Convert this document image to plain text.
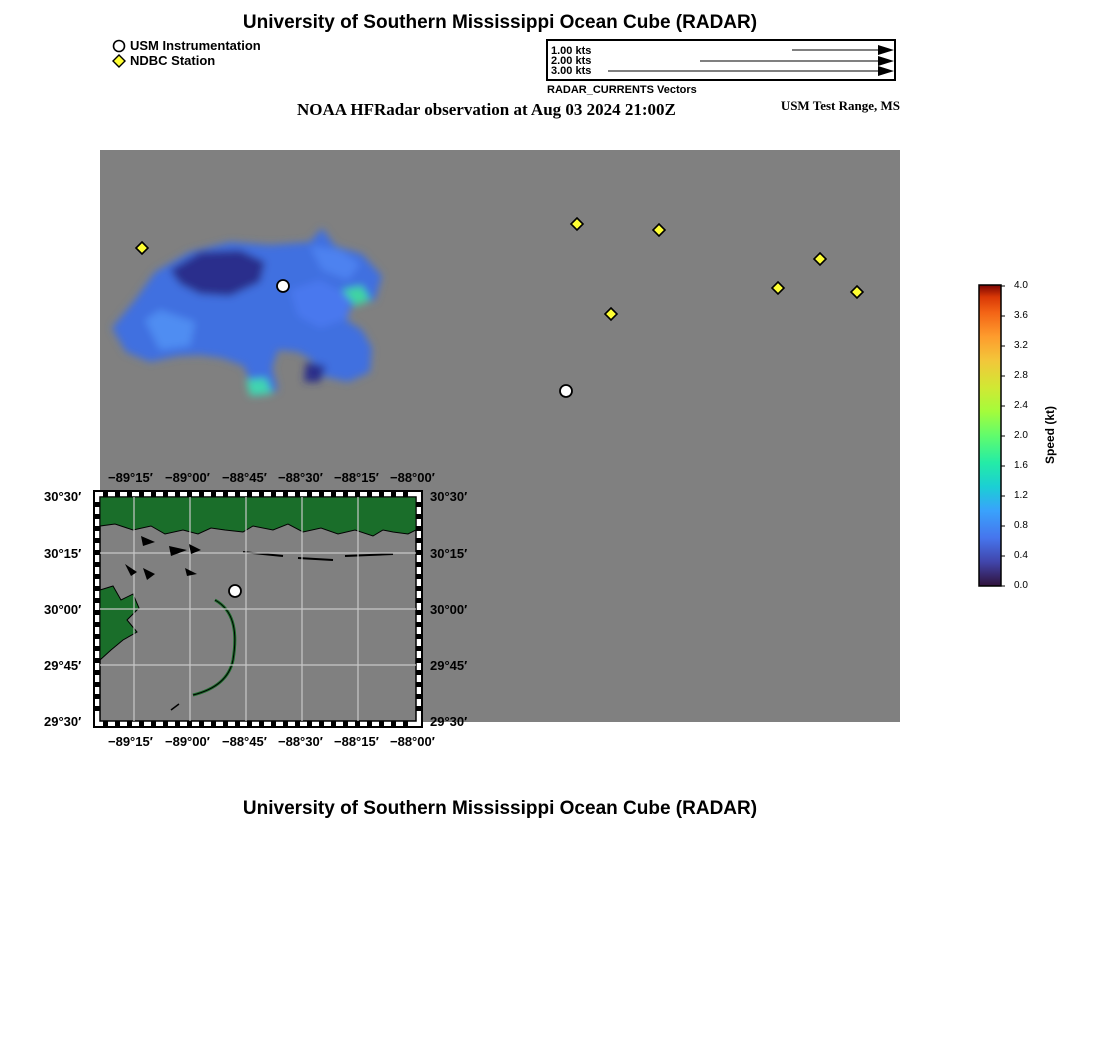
University of Southern Mississippi Ocean Cube (RADAR)
USM Instrumentation
NDBC Station
1.00 kts
2.00 kts
3.00 kts
RADAR_CURRENTS Vectors
NOAA HFRadar observation at Aug 03 2024 21:00Z	USM Test Range, MS
−89°15′ −89°00′ −88°45′ −88°30′ −88°15′ −88°00′
−89°15′ −89°00′ −88°45′ −88°30′ −88°15′ −88°00′
30°30′
30°15′
30°00′
29°45′
29°30′
30°30′
30°15′
30°00′
29°45′
29°30′
4.0
3.6
3.2
2.8
2.4
2.0
1.6
1.2
0.8
0.4
0.0
Speed (kt)
University of Southern Mississippi Ocean Cube (RADAR)
